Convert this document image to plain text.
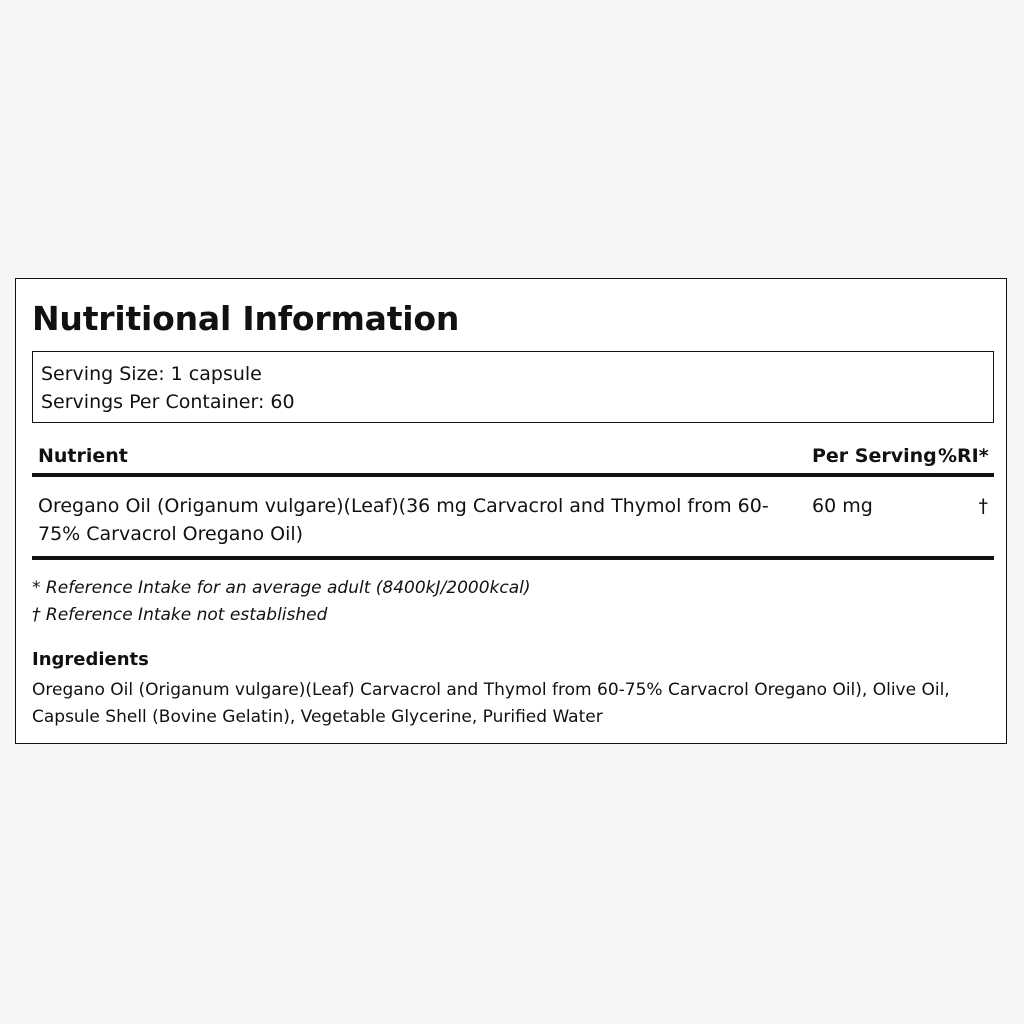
Nutritional Information
Serving Size: 1 capsule
Servings Per Container: 60
Nutrient	Per Serving	%RI*
Oregano Oil (Origanum vulgare)(Leaf)(36 mg Carvacrol and Thymol from 60-75% Carvacrol Oregano Oil)	60 mg	†
* Reference Intake for an average adult (8400kJ/2000kcal)
† Reference Intake not established
Ingredients

Oregano Oil (Origanum vulgare)(Leaf) Carvacrol and Thymol from 60-75% Carvacrol Oregano Oil), Olive Oil, Capsule Shell (Bovine Gelatin), Vegetable Glycerine, Purified Water
